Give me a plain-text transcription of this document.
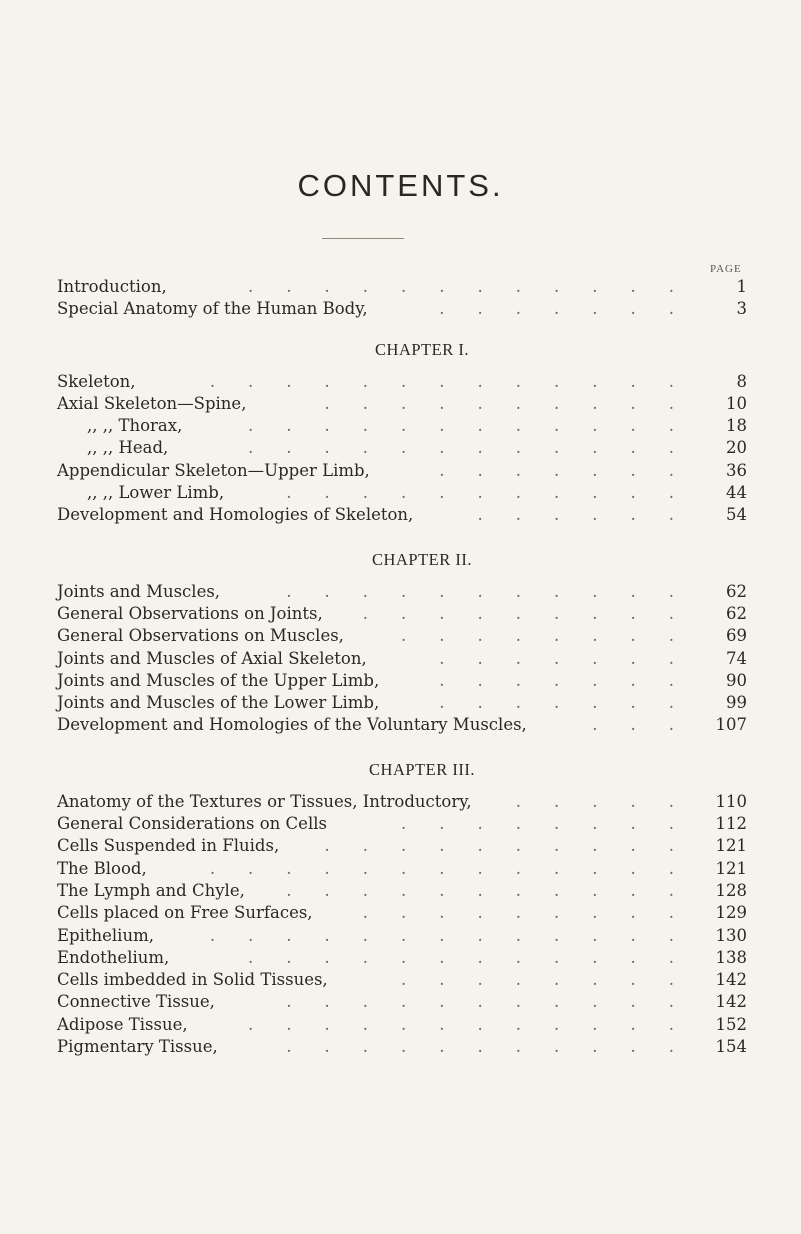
CONTENTS.
PAGE
Introduction,	.  .  .  .  .  .  .  .  .  .  .  .  	1
Special Anatomy of the Human Body,	.  .  .  .  .  .  .  	3
CHAPTER I.
Skeleton,	.  .  .  .  .  .  .  .  .  .  .  .  .  	8
Axial Skeleton—Spine,	.  .  .  .  .  .  .  .  .  .  	10
,, ,, Thorax,	.  .  .  .  .  .  .  .  .  .  .  .  	18
,, ,, Head,	.  .  .  .  .  .  .  .  .  .  .  .  	20
Appendicular Skeleton—Upper Limb,	.  .  .  .  .  .  .  	36
,, ,, Lower Limb,	.  .  .  .  .  .  .  .  .  .  .  	44
Development and Homologies of Skeleton,	.  .  .  .  .  .  	54
CHAPTER II.
Joints and Muscles,	.  .  .  .  .  .  .  .  .  .  .  	62
General Observations on Joints,	.  .  .  .  .  .  .  .  .  	62
General Observations on Muscles,	.  .  .  .  .  .  .  .  	69
Joints and Muscles of Axial Skeleton,	.  .  .  .  .  .  .  	74
Joints and Muscles of the Upper Limb,	.  .  .  .  .  .  .  	90
Joints and Muscles of the Lower Limb,	.  .  .  .  .  .  .  	99
Development and Homologies of the Voluntary Muscles,	.  .  .   107
CHAPTER III.
Anatomy of the Textures or Tissues, Introductory,	.  .  .  .  .   110
General Considerations on Cells	.  .  .  .  .  .  .  .   112
Cells Suspended in Fluids,	.  .  .  .  .  .  .  .  .  .   121
The Blood,	.  .  .  .  .  .  .  .  .  .  .  .  .   121
The Lymph and Chyle,	.  .  .  .  .  .  .  .  .  .  .   128
Cells placed on Free Surfaces,	.  .  .  .  .  .  .  .  .   129
Epithelium,	.  .  .  .  .  .  .  .  .  .  .  .  .   130
Endothelium,	.  .  .  .  .  .  .  .  .  .  .  .   138
Cells imbedded in Solid Tissues,	.  .  .  .  .  .  .  .   142
Connective Tissue,	.  .  .  .  .  .  .  .  .  .  .   142
Adipose Tissue,	.  .  .  .  .  .  .  .  .  .  .  .   152
Pigmentary Tissue,	.  .  .  .  .  .  .  .  .  .  .   154
